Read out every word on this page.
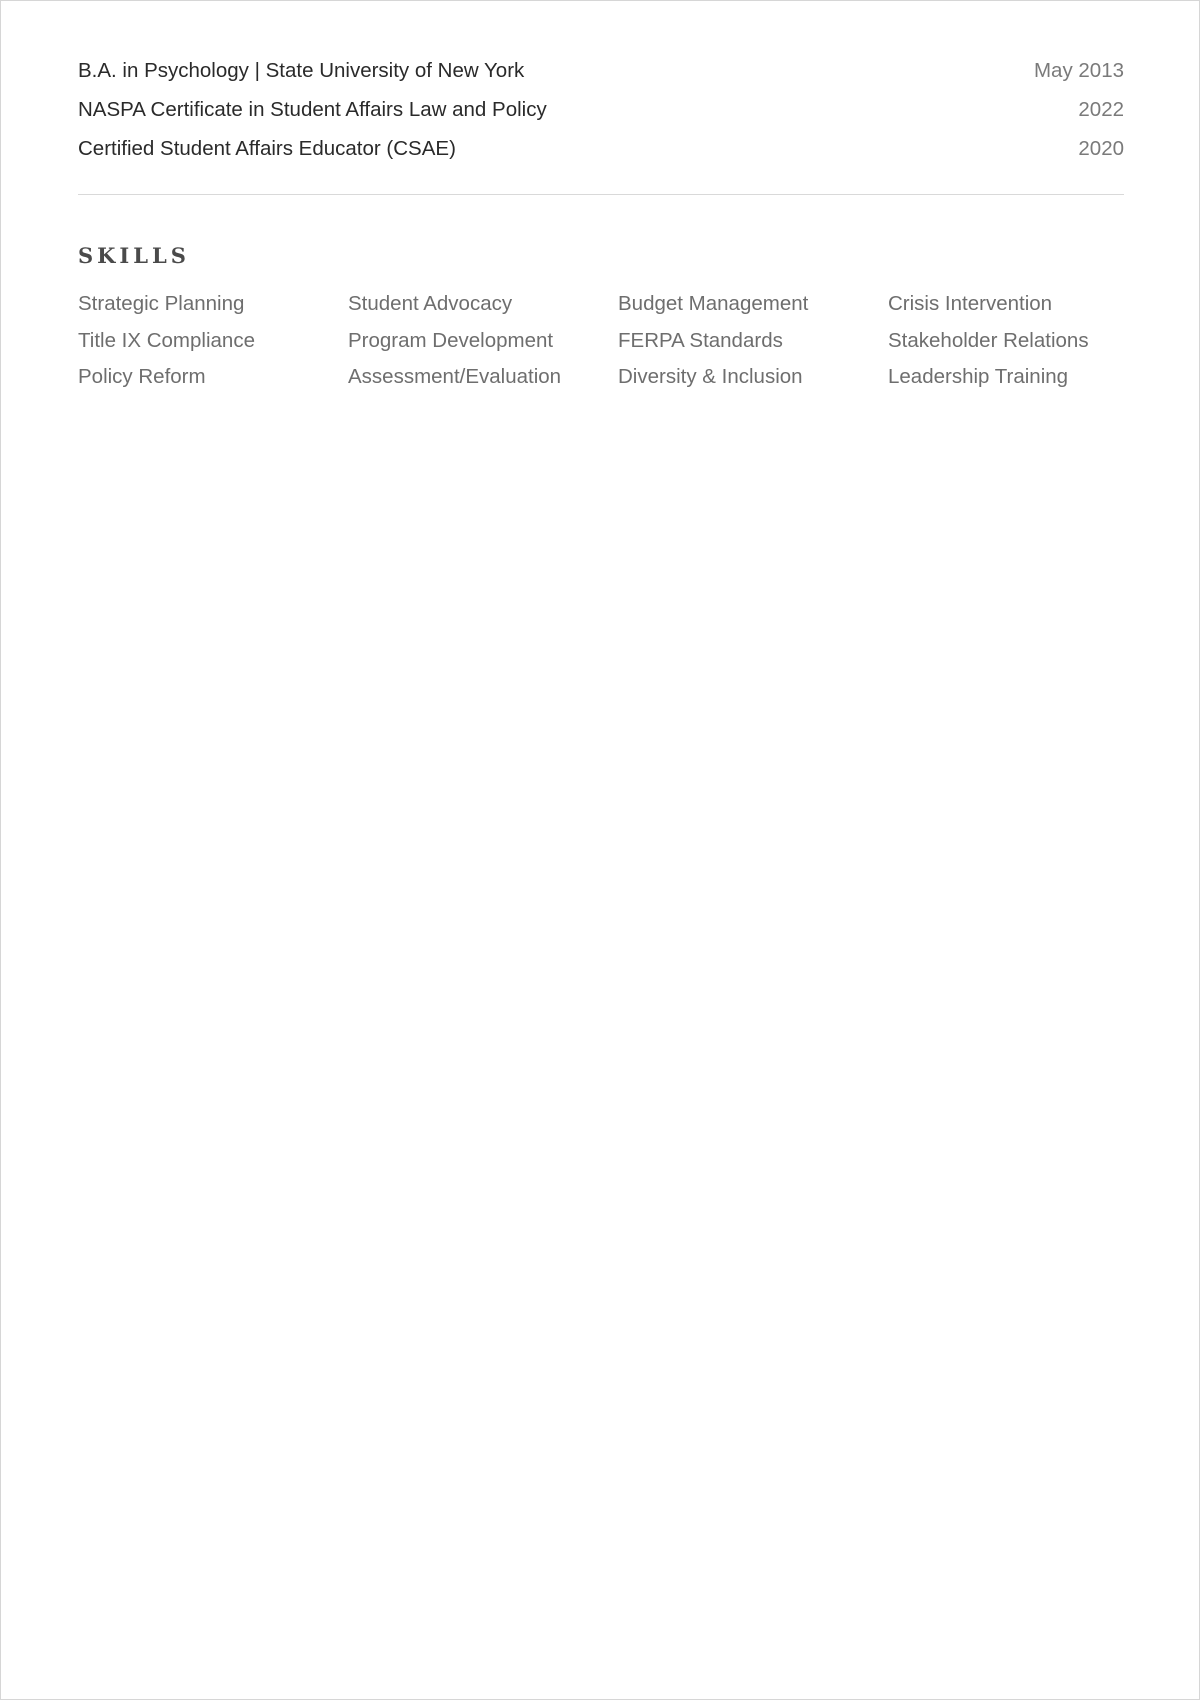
B.A. in Psychology | State University of New York	May 2013
NASPA Certificate in Student Affairs Law and Policy	2022
Certified Student Affairs Educator (CSAE)	2020
SKILLS
Strategic Planning	Student Advocacy	Budget Management	Crisis Intervention
Title IX Compliance	Program Development	FERPA Standards	Stakeholder Relations
Policy Reform	Assessment/Evaluation	Diversity & Inclusion	Leadership Training
